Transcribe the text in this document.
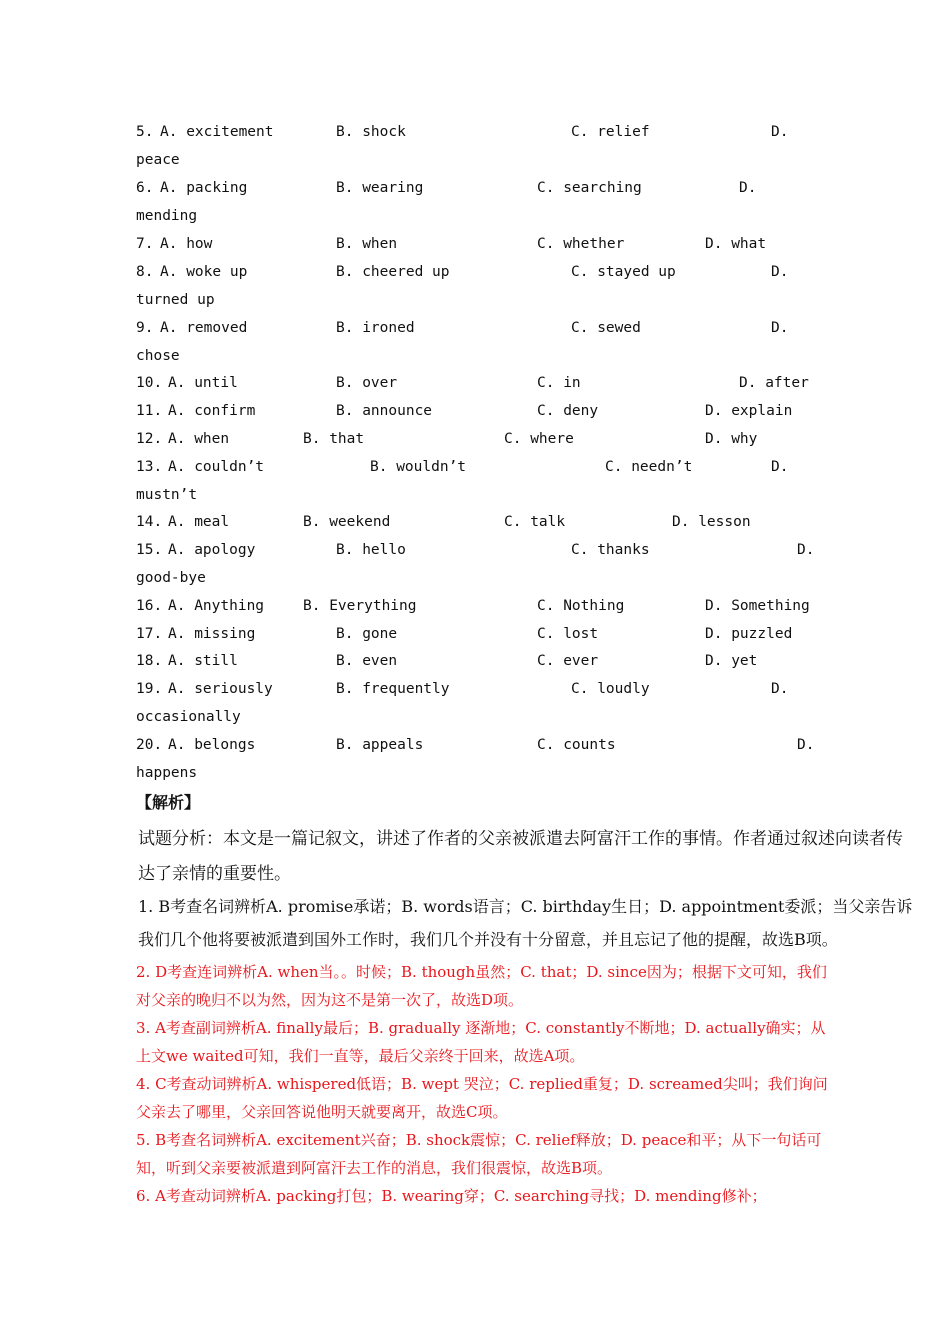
5. A. excitement	B. shock	C. relief	D.
peace
6. A. packing	B. wearing	C. searching	D.
mending
7. A. how	B. when	C. whether	D. what
8. A. woke up	B. cheered up	C. stayed up	D.
turned up
9. A. removed	B. ironed	C. sewed	D.
chose
10. A. until	B. over	C. in	D. after
11. A. confirm	B. announce	C. deny	D. explain
12. A. when	B. that	C. where	D. why
13. A. couldn’t	B. wouldn’t	C. needn’t	D.
mustn’t
14. A. meal	B. weekend	C. talk	D. lesson
15. A. apology	B. hello	C. thanks	D.
good-bye
16. A. Anything	B. Everything	C. Nothing	D. Something
17. A. missing	B. gone	C. lost	D. puzzled
18. A. still	B. even	C. ever	D. yet
19. A. seriously	B. frequently	C. loudly	D.
occasionally
20. A. belongs	B. appeals	C. counts	D.
happens
【解析】
试题分析：本文是一篇记叙文，讲述了作者的父亲被派遣去阿富汗工作的事情。作者通过叙述向读者传达了亲情的重要性。
1. B考查名词辨析A. promise承诺；B. words语言；C. birthday生日；D. appointment委派；当父亲告诉我们几个他将要被派遣到国外工作时，我们几个并没有十分留意，并且忘记了他的提醒，故选B项。
2. D考查连词辨析A. when当。。时候；B. though虽然；C. that；D. since因为；根据下文可知，我们对父亲的晚归不以为然，因为这不是第一次了，故选D项。
3. A考查副词辨析A. finally最后；B. gradually 逐渐地；C. constantly不断地；D. actually确实；从上文we waited可知，我们一直等，最后父亲终于回来，故选A项。
4. C考查动词辨析A. whispered低语；B. wept 哭泣；C. replied重复；D. screamed尖叫；我们询问父亲去了哪里，父亲回答说他明天就要离开，故选C项。
5. B考查名词辨析A. excitement兴奋；B. shock震惊；C. relief释放；D. peace和平；从下一句话可知，听到父亲要被派遣到阿富汗去工作的消息，我们很震惊，故选B项。
6. A考查动词辨析A. packing打包；B. wearing穿；C. searching寻找；D. mending修补；
